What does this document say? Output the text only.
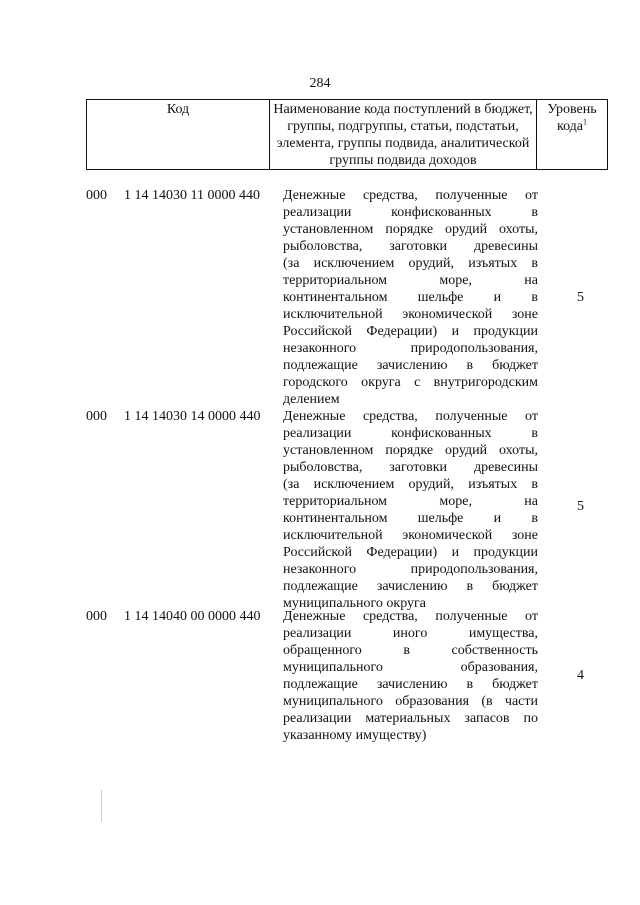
284
Код	Наименование кода поступлений в бюджет, группы, подгруппы, статьи, подстатьи, элемента, группы подвида, аналитической группы подвида доходов	Уровень кода$^1$
000 1 14 14030 11 0000 440 Денежные средства, полученные от
реализации конфискованных в
установленном порядке орудий охоты,
рыболовства, заготовки древесины
(за исключением орудий, изъятых в
территориальном море, на
континентальном шельфе и в
исключительной экономической зоне
Российской Федерации) и продукции
незаконного природопользования,
подлежащие зачислению в бюджет
городского округа с внутригородским
делением
5
000 1 14 14030 14 0000 440 Денежные средства, полученные от
реализации конфискованных в
установленном порядке орудий охоты,
рыболовства, заготовки древесины
(за исключением орудий, изъятых в
территориальном море, на
континентальном шельфе и в
исключительной экономической зоне
Российской Федерации) и продукции
незаконного природопользования,
подлежащие зачислению в бюджет
муниципального округа
5
000 1 14 14040 00 0000 440 Денежные средства, полученные от
реализации иного имущества,
обращенного в собственность
муниципального образования,
подлежащие зачислению в бюджет
муниципального образования (в части
реализации материальных запасов по
указанному имуществу)
4
